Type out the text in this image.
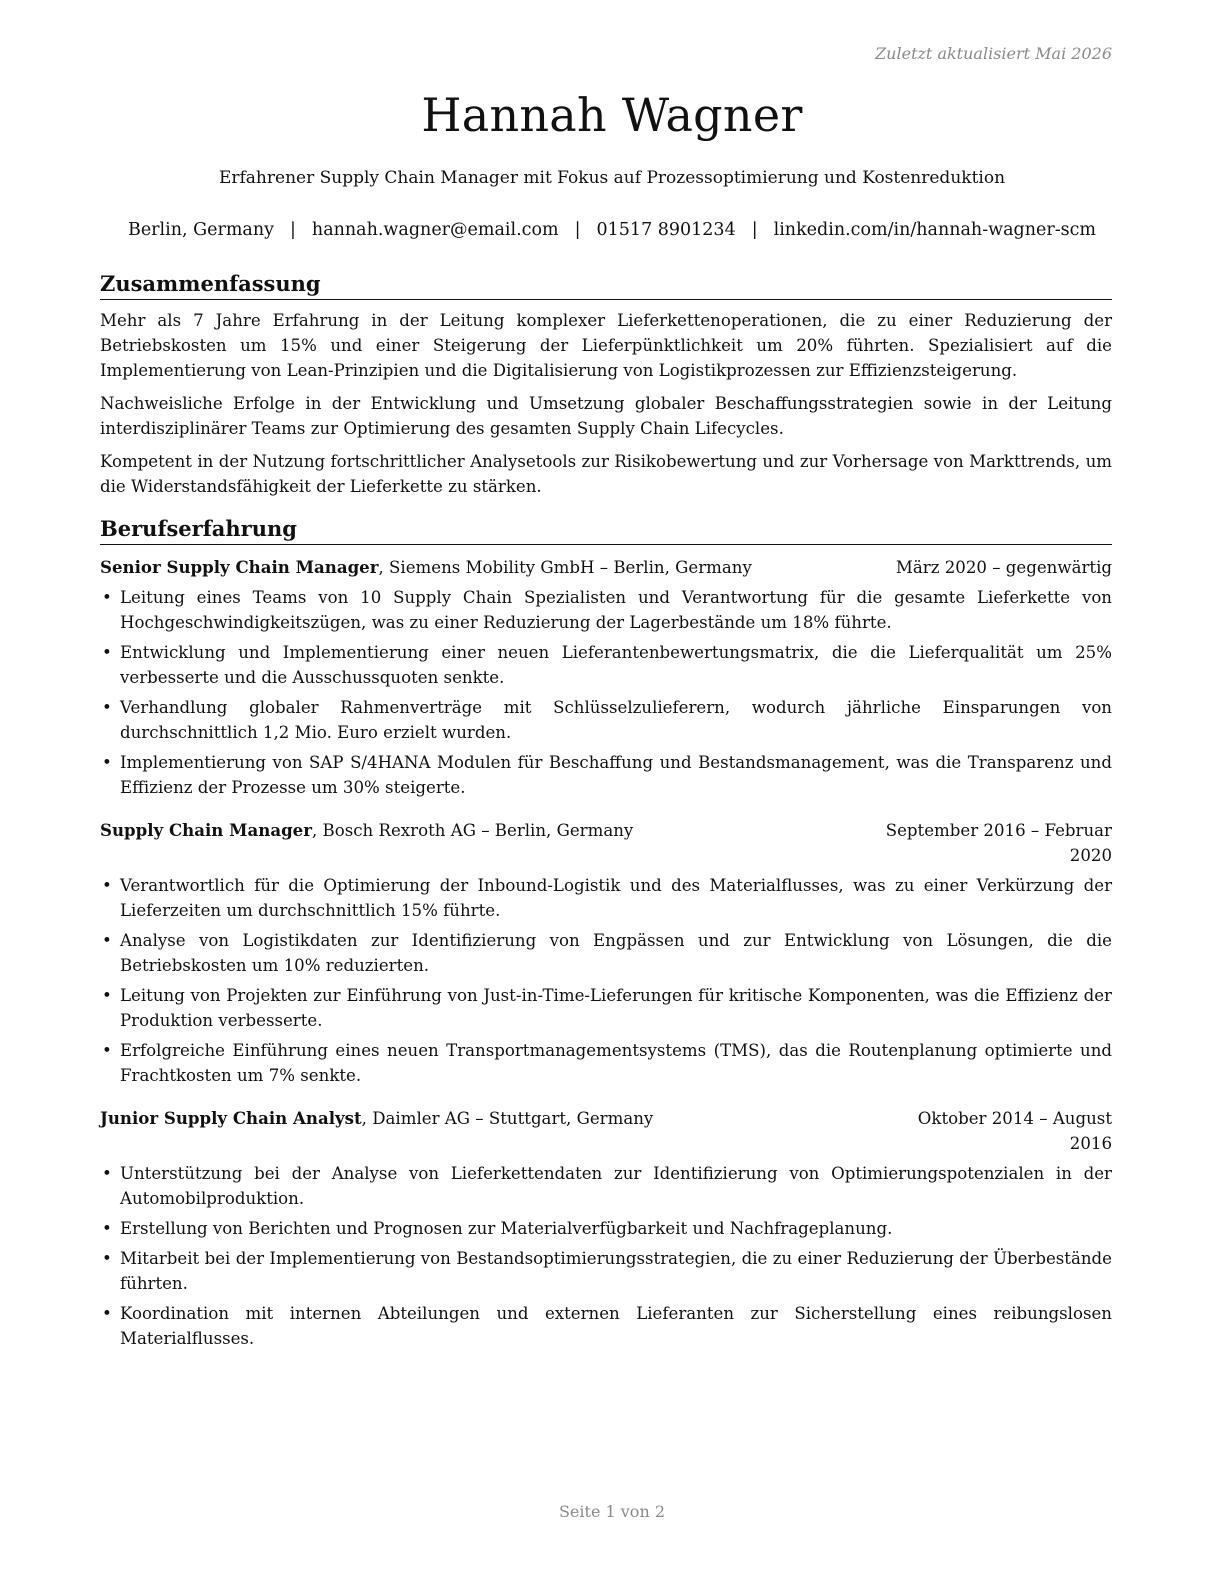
Zuletzt aktualisiert Mai 2026
Hannah Wagner
Erfahrener Supply Chain Manager mit Fokus auf Prozessoptimierung und Kostenreduktion
Berlin, Germany | hannah.wagner@email.com | 01517 8901234 | linkedin.com/in/hannah-wagner-scm
Zusammenfassung

Mehr als 7 Jahre Erfahrung in der Leitung komplexer Lieferkettenoperationen, die zu einer Reduzierung der Betriebskosten um 15% und einer Steigerung der Lieferpünktlichkeit um 20% führten. Spezialisiert auf die Implementierung von Lean-Prinzipien und die Digitalisierung von Logistikprozessen zur Effizienzsteigerung.

Nachweisliche Erfolge in der Entwicklung und Umsetzung globaler Beschaffungsstrategien sowie in der Leitung interdisziplinärer Teams zur Optimierung des gesamten Supply Chain Lifecycles.

Kompetent in der Nutzung fortschrittlicher Analysetools zur Risikobewertung und zur Vorhersage von Markttrends, um die Widerstandsfähigkeit der Lieferkette zu stärken.

Berufserfahrung
Senior Supply Chain Manager, Siemens Mobility GmbH – Berlin, Germany	März 2020 – gegenwärtig
• Leitung eines Teams von 10 Supply Chain Spezialisten und Verantwortung für die gesamte Lieferkette von Hochgeschwindigkeitszügen, was zu einer Reduzierung der Lagerbestände um 18% führte.
• Entwicklung und Implementierung einer neuen Lieferantenbewertungsmatrix, die die Lieferqualität um 25% verbesserte und die Ausschussquoten senkte.
• Verhandlung globaler Rahmenverträge mit Schlüsselzulieferern, wodurch jährliche Einsparungen von durchschnittlich 1,2 Mio. Euro erzielt wurden.
• Implementierung von SAP S/4HANA Modulen für Beschaffung und Bestandsmanagement, was die Transparenz und Effizienz der Prozesse um 30% steigerte.
Supply Chain Manager, Bosch Rexroth AG – Berlin, Germany	September 2016 – Februar 2020
• Verantwortlich für die Optimierung der Inbound-Logistik und des Materialflusses, was zu einer Verkürzung der Lieferzeiten um durchschnittlich 15% führte.
• Analyse von Logistikdaten zur Identifizierung von Engpässen und zur Entwicklung von Lösungen, die die Betriebskosten um 10% reduzierten.
• Leitung von Projekten zur Einführung von Just-in-Time-Lieferungen für kritische Komponenten, was die Effizienz der Produktion verbesserte.
• Erfolgreiche Einführung eines neuen Transportmanagementsystems (TMS), das die Routenplanung optimierte und Frachtkosten um 7% senkte.
Junior Supply Chain Analyst, Daimler AG – Stuttgart, Germany	Oktober 2014 – August 2016
• Unterstützung bei der Analyse von Lieferkettendaten zur Identifizierung von Optimierungspotenzialen in der Automobilproduktion.
• Erstellung von Berichten und Prognosen zur Materialverfügbarkeit und Nachfrageplanung.
• Mitarbeit bei der Implementierung von Bestandsoptimierungsstrategien, die zu einer Reduzierung der Überbestände führten.
• Koordination mit internen Abteilungen und externen Lieferanten zur Sicherstellung eines reibungslosen Materialflusses.
Seite 1 von 2
